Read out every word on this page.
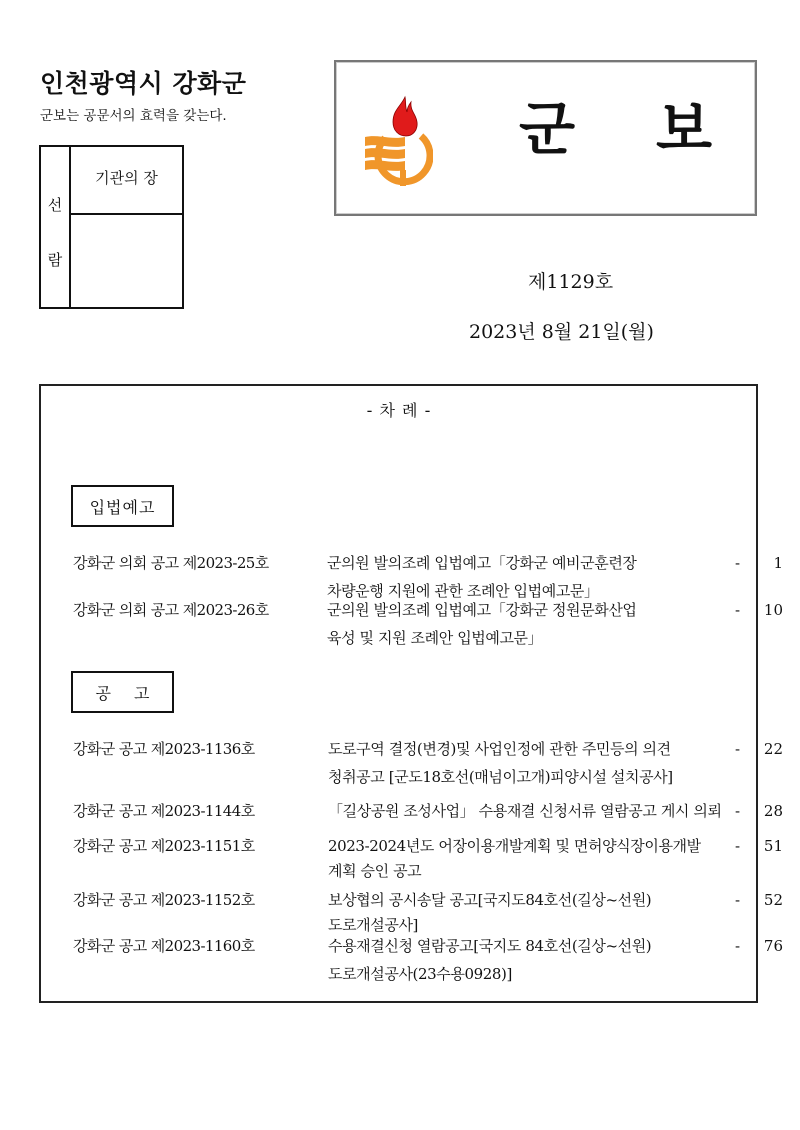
인천광역시 강화군
군보는 공문서의 효력을 갖는다.
선
람
기관의 장
군 보
제1129호
2023년 8월 21일(월)
- 차 례 -
입법예고
강화군 의회 공고 제2023-25호	군의원 발의조례 입법예고「강화군 예비군훈련장
차량운행 지원에 관한 조례안 입법예고문」
- 1
강화군 의회 공고 제2023-26호	군의원 발의조례 입법예고「강화군 정원문화산업
육성 및 지원 조례안 입법예고문」
- 10
공 고
강화군 공고 제2023-1136호	도로구역 결정(변경)및 사업인정에 관한 주민등의 의견
청취공고 [군도18호선(매넘이고개)피양시설 설치공사]
- 22
강화군 공고 제2023-1144호	「길상공원 조성사업」 수용재결 신청서류 열람공고 게시 의뢰 - 28
강화군 공고 제2023-1151호	2023-2024년도 어장이용개발계획 및 면허양식장이용개발
계획 승인 공고
- 51
강화군 공고 제2023-1152호	보상협의 공시송달 공고[국지도84호선(길상~선원)
도로개설공사]
- 52
강화군 공고 제2023-1160호	수용재결신청 열람공고[국지도 84호선(길상~선원)
도로개설공사(23수용0928)]
- 76
